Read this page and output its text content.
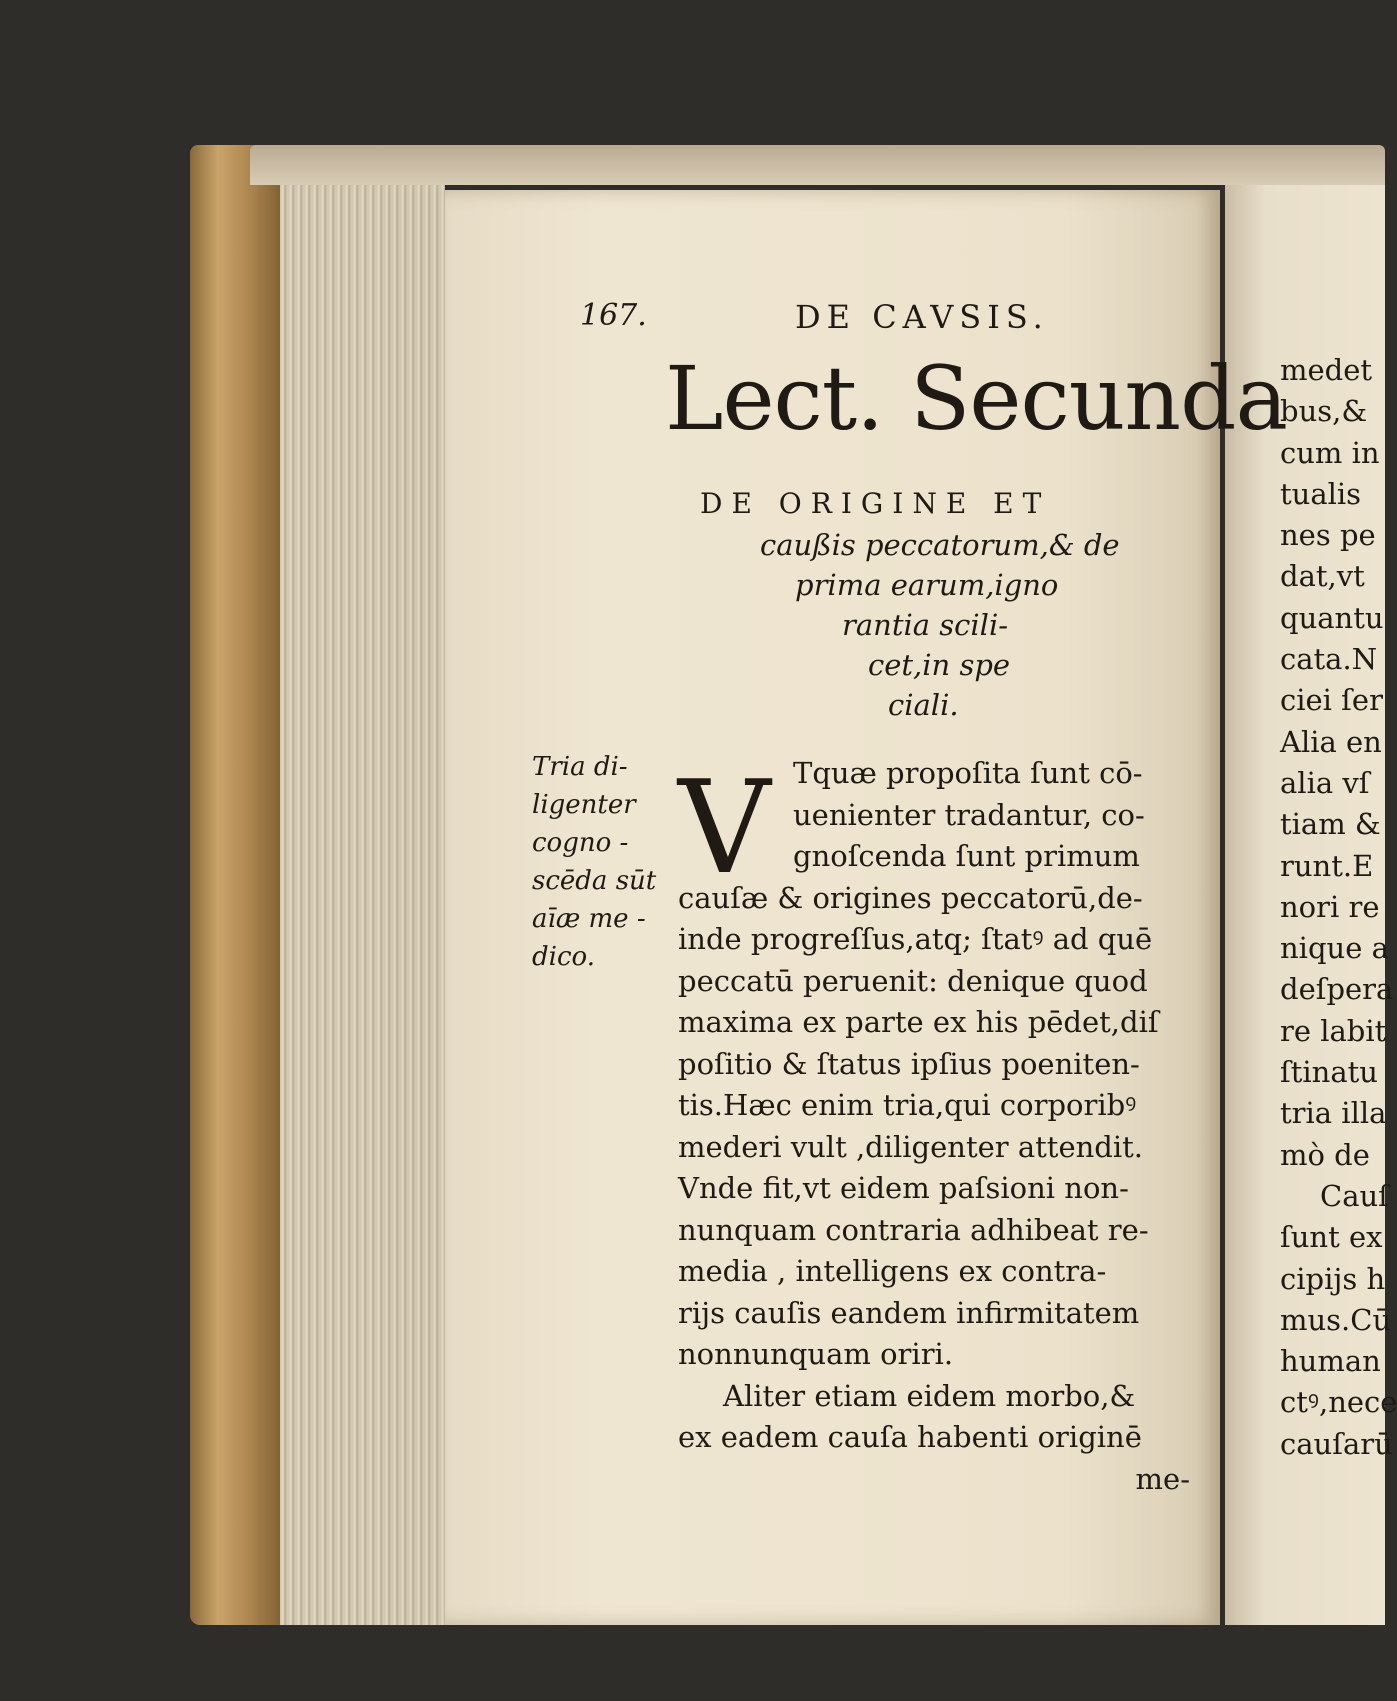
167.	DE CAVSIS.
Lect. Secunda
DE ORIGINE ET
caußis peccatorum,& de
prima earum,igno
rantia scili-
cet,in spe
ciali.
Tria di-
ligenter
cogno -
scēda sūt
aīæ me -
dico.
V Tquæ propoſita ſunt cō-
uenienter tradantur, co-
gnoſcenda ſunt primum
cauſæ & origines peccatorū,de-
inde progreſſus,atq; ſtatꝰ ad quē
peccatū peruenit: denique quod
maxima ex parte ex his pēdet,diſ
poſitio & ſtatus ipſius poeniten-
tis.Hæc enim tria,qui corporibꝰ
mederi vult ,diligenter attendit.
Vnde fit,vt eidem paſsioni non-
nunquam contraria adhibeat re-
media , intelligens ex contra-
rijs cauſis eandem infirmitatem
nonnunquam oriri.
Aliter etiam eidem morbo,&
ex eadem cauſa habenti originē
me-
medet
bus,&
cum in
tualis
nes pe
dat,vt
quantu
cata.N
ciei ſer
Alia en
alia vſ
tiam &
runt.E
nori re
nique a
deſpera
re labit
ſtinatu
tria illa
mò de
Cauſ
ſunt ex
cipijs h
mus.Cū
human
ctꝰ,nece
cauſarū
